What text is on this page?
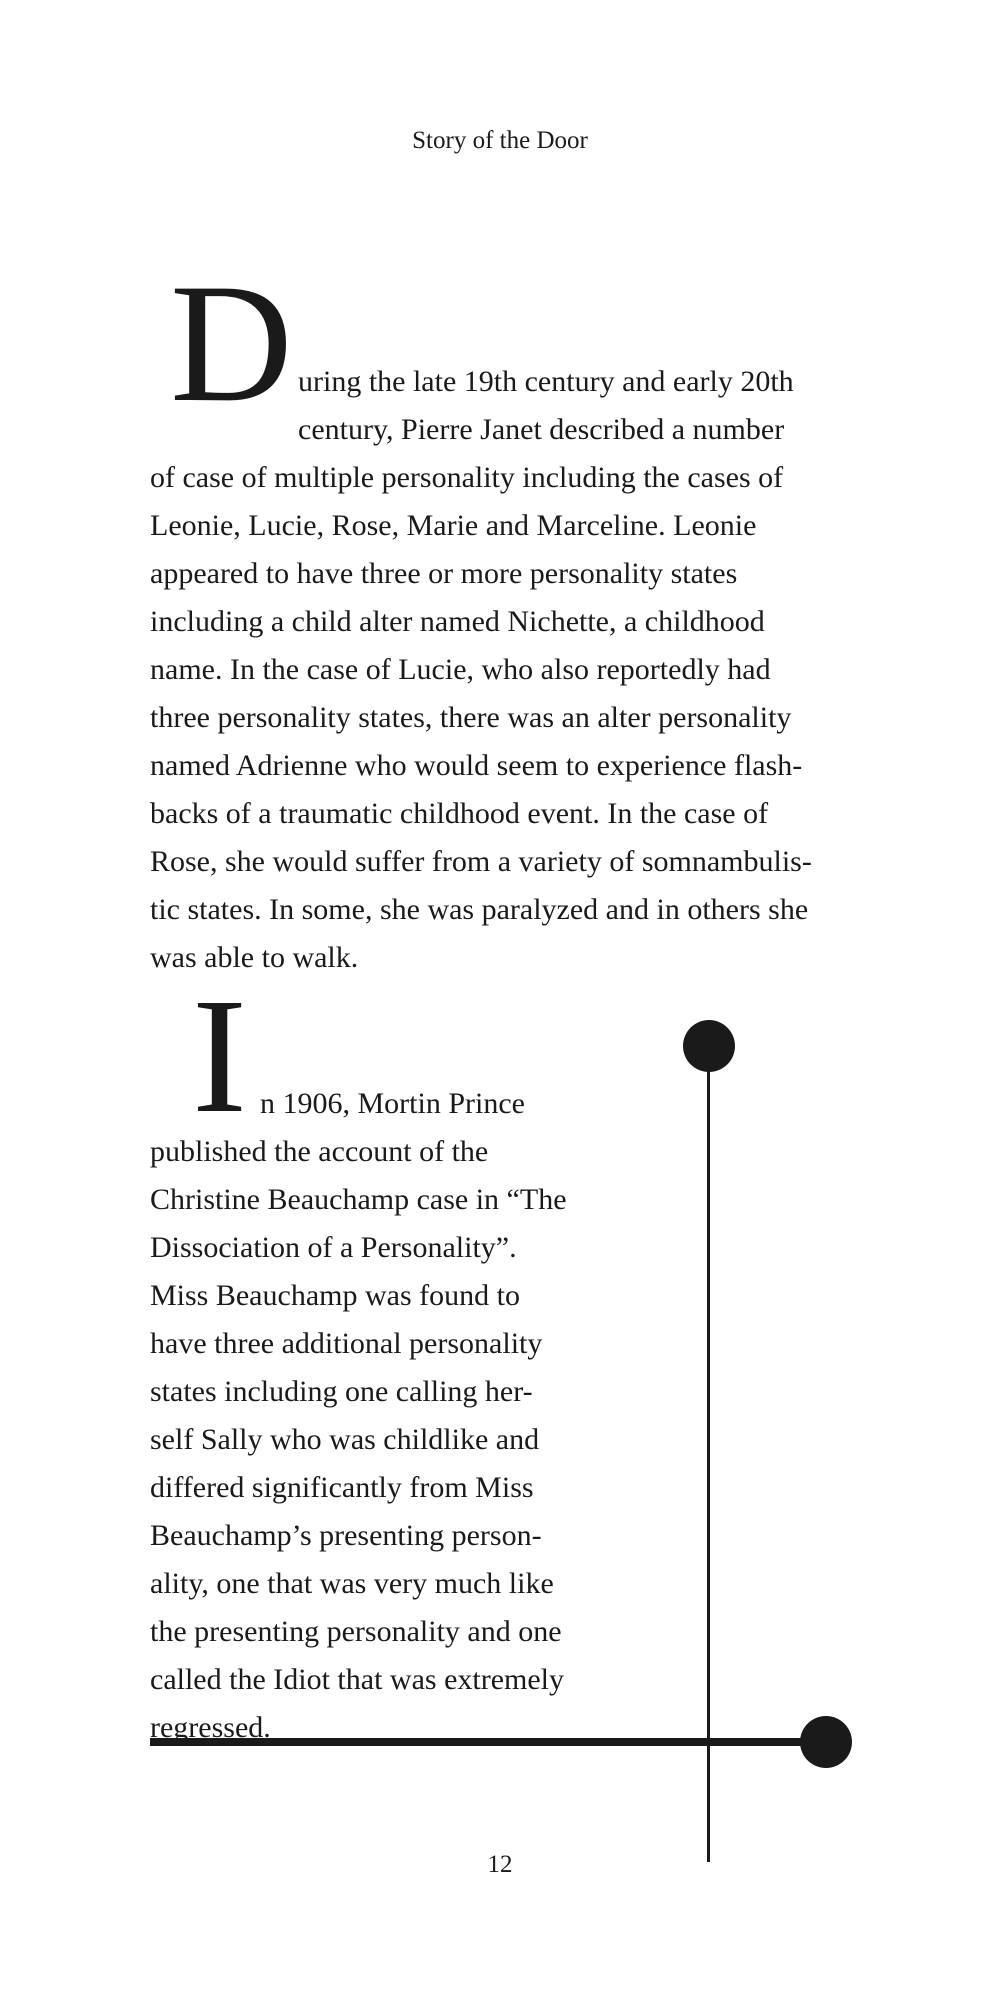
Story of the Door
D uring the late 19th century and early 20th
century, Pierre Janet described a number
of case of multiple personality including the cases of
Leonie, Lucie, Rose, Marie and Marceline. Leonie
appeared to have three or more personality states
including a child alter named Nichette, a childhood
name. In the case of Lucie, who also reportedly had
three personality states, there was an alter personality
named Adrienne who would seem to experience flash-
backs of a traumatic childhood event. In the case of
Rose, she would suffer from a variety of somnambulis-
tic states. In some, she was paralyzed and in others she
was able to walk.
I n 1906, Mortin Prince
published the account of the
Christine Beauchamp case in “The
Dissociation of a Personality”.
Miss Beauchamp was found to
have three additional personality
states including one calling her-
self Sally who was childlike and
differed significantly from Miss
Beauchamp’s presenting person-
ality, one that was very much like
the presenting personality and one
called the Idiot that was extremely
regressed.
12
